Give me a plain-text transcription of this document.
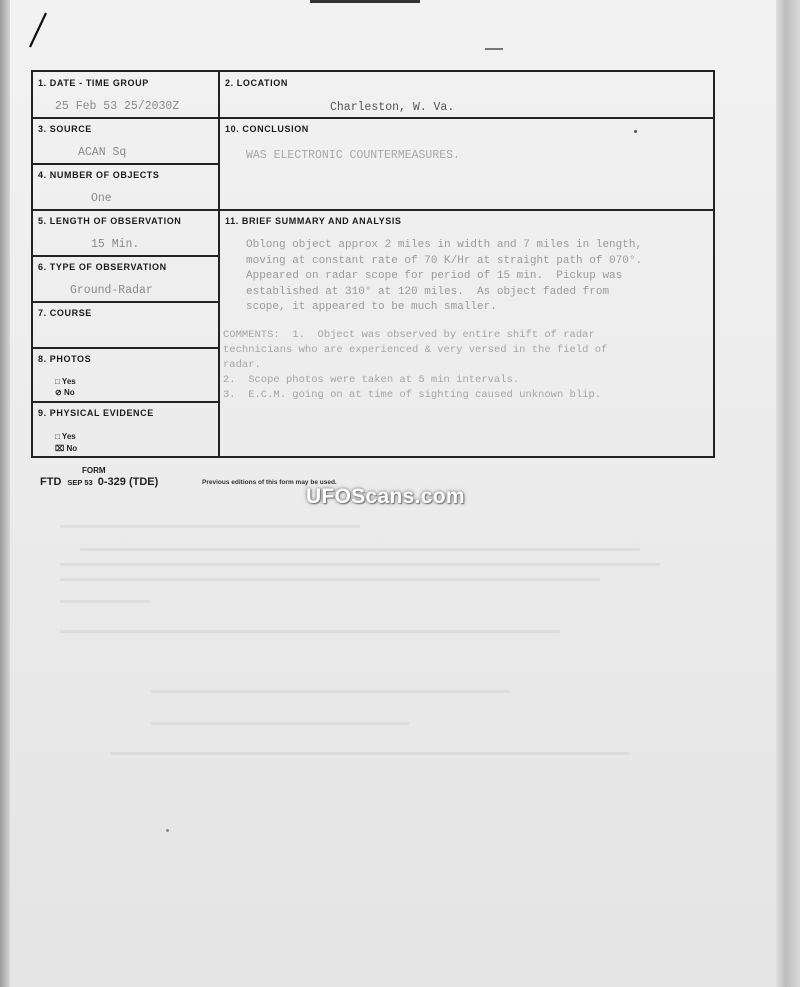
1. DATE - TIME GROUP
25 Feb 53 25/2030Z
2. LOCATION
Charleston, W. Va.
3. SOURCE
ACAN Sq
4. NUMBER OF OBJECTS
One
5. LENGTH OF OBSERVATION
15 Min.
6. TYPE OF OBSERVATION
Ground-Radar
7. COURSE
8. PHOTOS
□ Yes
⊘ No
9. PHYSICAL EVIDENCE
□ Yes
⌧ No
10. CONCLUSION
WAS ELECTRONIC COUNTERMEASURES.
11. BRIEF SUMMARY AND ANALYSIS
Oblong object approx 2 miles in width and 7 miles in length,
moving at constant rate of 70 K/Hr at straight path of 070°.
Appeared on radar scope for period of 15 min.  Pickup was
established at 310° at 120 miles.  As object faded from
scope, it appeared to be much smaller.
COMMENTS:  1.  Object was observed by entire shift of radar
technicians who are experienced & very versed in the field of
radar.
2.  Scope photos were taken at 5 min intervals.
3.  E.C.M. going on at time of sighting caused unknown blip.
FORM
FTD SEP 53 0-329 (TDE)	Previous editions of this form may be used.
UFOScans.com
